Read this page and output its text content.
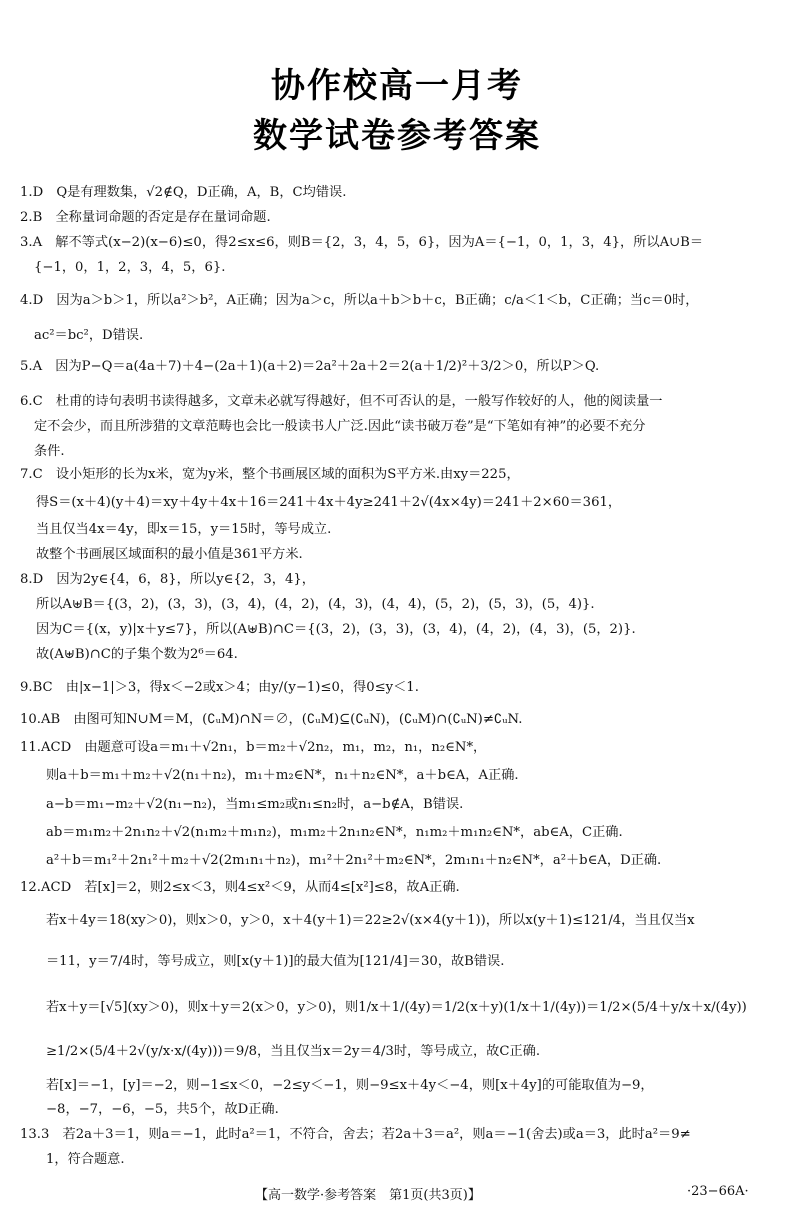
协作校高一月考
数学试卷参考答案
1.D　Q是有理数集，√2∉Q，D正确，A，B，C均错误.
2.B　全称量词命题的否定是存在量词命题.
3.A　解不等式(x−2)(x−6)≤0，得2≤x≤6，则B＝{2，3，4，5，6}，因为A＝{−1，0，1，3，4}，所以A∪B＝
{−1，0，1，2，3，4，5，6}.
4.D　因为a＞b＞1，所以a²＞b²，A正确；因为a＞c，所以a＋b＞b＋c，B正确；c/a＜1＜b，C正确；当c＝0时，
ac²＝bc²，D错误.
5.A　因为P−Q＝a(4a＋7)＋4−(2a＋1)(a＋2)＝2a²＋2a＋2＝2(a＋1/2)²＋3/2＞0，所以P＞Q.
6.C　杜甫的诗句表明书读得越多，文章未必就写得越好，但不可否认的是，一般写作较好的人，他的阅读量一
定不会少，而且所涉猎的文章范畴也会比一般读书人广泛.因此“读书破万卷”是“下笔如有神”的必要不充分
条件.
7.C　设小矩形的长为x米，宽为y米，整个书画展区域的面积为S平方米.由xy＝225，
得S＝(x＋4)(y＋4)＝xy＋4y＋4x＋16＝241＋4x＋4y≥241＋2√(4x×4y)＝241＋2×60＝361，
当且仅当4x＝4y，即x＝15，y＝15时，等号成立.
故整个书画展区域面积的最小值是361平方米.
8.D　因为2y∈{4，6，8}，所以y∈{2，3，4}，
所以A⊎B＝{(3，2)，(3，3)，(3，4)，(4，2)，(4，3)，(4，4)，(5，2)，(5，3)，(5，4)}.
因为C＝{(x，y)|x＋y≤7}，所以(A⊎B)∩C＝{(3，2)，(3，3)，(3，4)，(4，2)，(4，3)，(5，2)}.
故(A⊎B)∩C的子集个数为2⁶＝64.
9.BC　由|x−1|＞3，得x＜−2或x＞4；由y/(y−1)≤0，得0≤y＜1.
10.AB　由图可知N∪M＝M，(∁ᵤM)∩N＝∅，(∁ᵤM)⊆(∁ᵤN)，(∁ᵤM)∩(∁ᵤN)≠∁ᵤN.
11.ACD　由题意可设a＝m₁＋√2n₁，b＝m₂＋√2n₂，m₁，m₂，n₁，n₂∈N*，
则a＋b＝m₁＋m₂＋√2(n₁＋n₂)，m₁＋m₂∈N*，n₁＋n₂∈N*，a＋b∈A，A正确.
a−b＝m₁−m₂＋√2(n₁−n₂)，当m₁≤m₂或n₁≤n₂时，a−b∉A，B错误.
ab＝m₁m₂＋2n₁n₂＋√2(n₁m₂＋m₁n₂)，m₁m₂＋2n₁n₂∈N*，n₁m₂＋m₁n₂∈N*，ab∈A，C正确.
a²＋b＝m₁²＋2n₁²＋m₂＋√2(2m₁n₁＋n₂)，m₁²＋2n₁²＋m₂∈N*，2m₁n₁＋n₂∈N*，a²＋b∈A，D正确.
12.ACD　若[x]＝2，则2≤x＜3，则4≤x²＜9，从而4≤[x²]≤8，故A正确.
若x＋4y＝18(xy＞0)，则x＞0，y＞0，x＋4(y＋1)＝22≥2√(x×4(y＋1))，所以x(y＋1)≤121/4，当且仅当x
＝11，y＝7/4时，等号成立，则[x(y＋1)]的最大值为[121/4]＝30，故B错误.
若x＋y＝[√5](xy＞0)，则x＋y＝2(x＞0，y＞0)，则1/x＋1/(4y)＝1/2(x＋y)(1/x＋1/(4y))＝1/2×(5/4＋y/x＋x/(4y))
≥1/2×(5/4＋2√(y/x·x/(4y)))＝9/8，当且仅当x＝2y＝4/3时，等号成立，故C正确.
若[x]＝−1，[y]＝−2，则−1≤x＜0，−2≤y＜−1，则−9≤x＋4y＜−4，则[x＋4y]的可能取值为−9，
−8，−7，−6，−5，共5个，故D正确.
13.3　若2a＋3＝1，则a＝−1，此时a²＝1，不符合，舍去；若2a＋3＝a²，则a＝−1(舍去)或a＝3，此时a²＝9≠
1，符合题意.
【高一数学·参考答案　第1页(共3页)】	·23−66A·
